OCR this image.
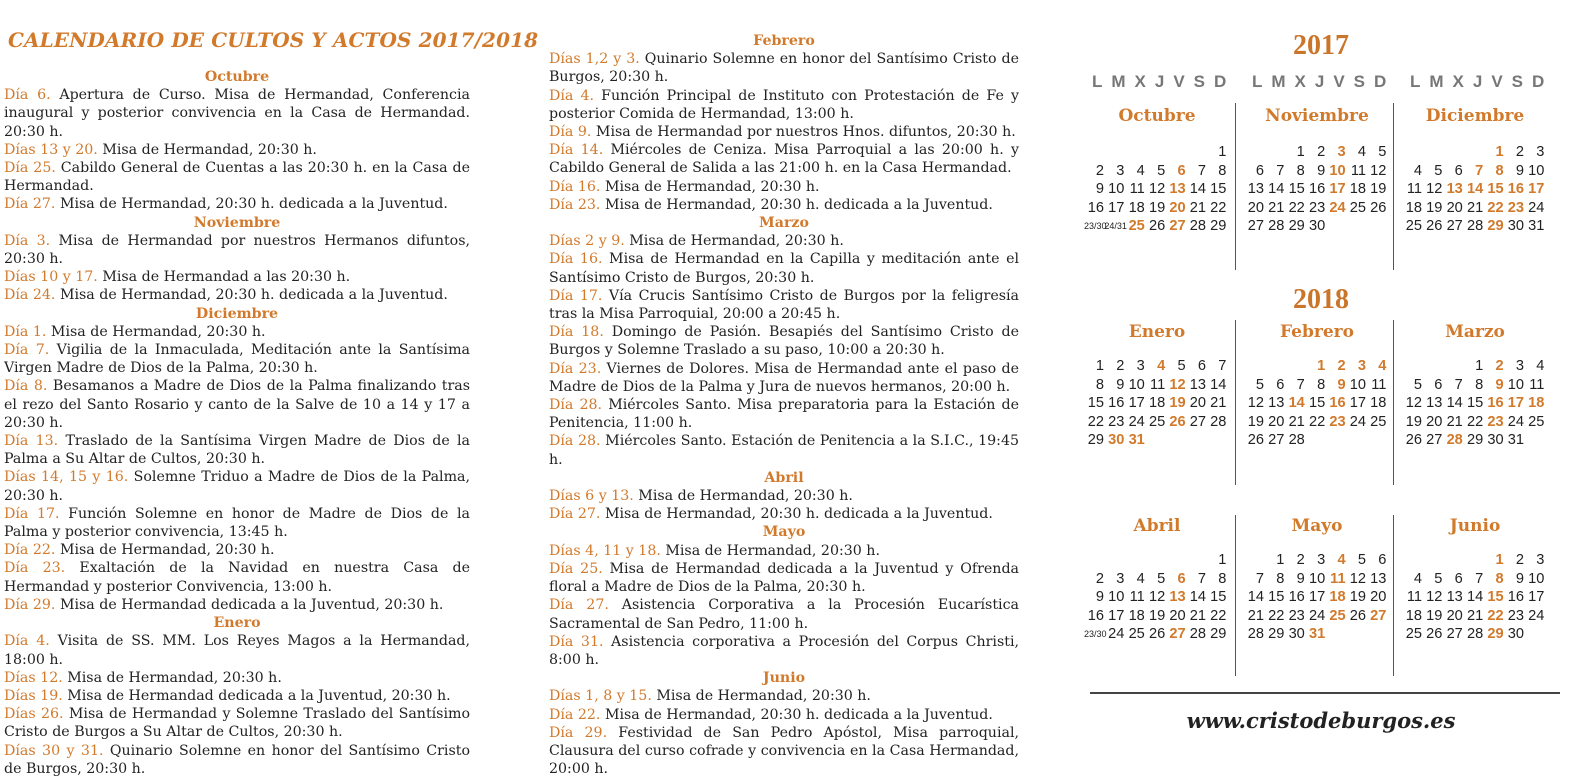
CALENDARIO DE CULTOS Y ACTOS 2017/2018
Octubre
Día 6. Apertura de Curso. Misa de Hermandad, Conferencia inaugural y posterior convivencia en la Casa de Hermandad. 20:30 h.
Días 13 y 20. Misa de Hermandad, 20:30 h.
Día 25. Cabildo General de Cuentas a las 20:30 h. en la Casa de Hermandad.
Día 27. Misa de Hermandad, 20:30 h. dedicada a la Juventud.
Noviembre
Día 3. Misa de Hermandad por nuestros Hermanos difuntos, 20:30 h.
Días 10 y 17. Misa de Hermandad a las 20:30 h.
Día 24. Misa de Hermandad, 20:30 h. dedicada a la Juventud.
Diciembre
Día 1. Misa de Hermandad, 20:30 h.
Día 7. Vigilia de la Inmaculada, Meditación ante la Santísima Virgen Madre de Dios de la Palma, 20:30 h.
Día 8. Besamanos a Madre de Dios de la Palma finalizando tras el rezo del Santo Rosario y canto de la Salve de 10 a 14 y 17 a 20:30 h.
Día 13. Traslado de la Santísima Virgen Madre de Dios de la Palma a Su Altar de Cultos, 20:30 h.
Días 14, 15 y 16. Solemne Triduo a Madre de Dios de la Palma, 20:30 h.
Día 17. Función Solemne en honor de Madre de Dios de la Palma y posterior convivencia, 13:45 h.
Día 22. Misa de Hermandad, 20:30 h.
Día 23. Exaltación de la Navidad en nuestra Casa de Hermandad y posterior Convivencia, 13:00 h.
Día 29. Misa de Hermandad dedicada a la Juventud, 20:30 h.
Enero
Día 4. Visita de SS. MM. Los Reyes Magos a la Hermandad, 18:00 h.
Días 12. Misa de Hermandad, 20:30 h.
Días 19. Misa de Hermandad dedicada a la Juventud, 20:30 h.
Días 26. Misa de Hermandad y Solemne Traslado del Santísimo Cristo de Burgos a Su Altar de Cultos, 20:30 h.
Días 30 y 31. Quinario Solemne en honor del Santísimo Cristo de Burgos, 20:30 h.
Febrero
Días 1,2 y 3. Quinario Solemne en honor del Santísimo Cristo de Burgos, 20:30 h.
Día 4. Función Principal de Instituto con Protestación de Fe y posterior Comida de Hermandad, 13:00 h.
Día 9. Misa de Hermandad por nuestros Hnos. difuntos, 20:30 h.
Día 14. Miércoles de Ceniza. Misa Parroquial a las 20:00 h. y Cabildo General de Salida a las 21:00 h. en la Casa Hermandad.
Día 16. Misa de Hermandad, 20:30 h.
Día 23. Misa de Hermandad, 20:30 h. dedicada a la Juventud.
Marzo
Días 2 y 9. Misa de Hermandad, 20:30 h.
Día 16. Misa de Hermandad en la Capilla y meditación ante el Santísimo Cristo de Burgos, 20:30 h.
Día 17. Vía Crucis Santísimo Cristo de Burgos por la feligresía tras la Misa Parroquial, 20:00 a 20:45 h.
Día 18. Domingo de Pasión. Besapiés del Santísimo Cristo de Burgos y Solemne Traslado a su paso, 10:00 a 20:30 h.
Día 23. Viernes de Dolores. Misa de Hermandad ante el paso de Madre de Dios de la Palma y Jura de nuevos hermanos, 20:00 h.
Día 28. Miércoles Santo. Misa preparatoria para la Estación de Penitencia, 11:00 h.
Día 28. Miércoles Santo. Estación de Penitencia a la S.I.C., 19:45 h.
Abril
Días 6 y 13. Misa de Hermandad, 20:30 h.
Día 27. Misa de Hermandad, 20:30 h. dedicada a la Juventud.
Mayo
Días 4, 11 y 18. Misa de Hermandad, 20:30 h.
Día 25. Misa de Hermandad dedicada a la Juventud y Ofrenda floral a Madre de Dios de la Palma, 20:30 h.
Día 27. Asistencia Corporativa a la Procesión Eucarística Sacramental de San Pedro, 11:00 h.
Día 31. Asistencia corporativa a Procesión del Corpus Christi, 8:00 h.
Junio
Días 1, 8 y 15. Misa de Hermandad, 20:30 h.
Día 22. Misa de Hermandad, 20:30 h. dedicada a la Juventud.
Día 29. Festividad de San Pedro Apóstol, Misa parroquial, Clausura del curso cofrade y convivencia en la Casa Hermandad, 20:00 h.
2017
2018
LMXJVSD LMXJVSD LMXJVSD
Octubre
1
2 3 4 5 6 7 8
9 10 11 12 13 14 15
16 17 18 19 20 21 22
23/30
24/31 25 26 27 28 29
Noviembre
1 2 3 4 5
6 7 8 9 10 11 12
13 14 15 16 17 18 19
20 21 22 23 24 25 26
27 28 29 30
Diciembre
1 2 3
4 5 6 7 8 9 10
11 12 13 14 15 16 17
18 19 20 21 22 23 24
25 26 27 28 29 30 31
Enero
1 2 3 4 5 6 7
8 9 10 11 12 13 14
15 16 17 18 19 20 21
22 23 24 25 26 27 28
29 30 31
Febrero
1 2 3 4
5 6 7 8 9 10 11
12 13 14 15 16 17 18
19 20 21 22 23 24 25
26 27 28
Marzo
1 2 3 4
5 6 7 8 9 10 11
12 13 14 15 16 17 18
19 20 21 22 23 24 25
26 27 28 29 30 31
Abril
1
2 3 4 5 6 7 8
9 10 11 12 13 14 15
16 17 18 19 20 21 22
23/30 24 25 26 27 28 29
Mayo
1 2 3 4 5 6
7 8 9 10 11 12 13
14 15 16 17 18 19 20
21 22 23 24 25 26 27
28 29 30 31
Junio
1 2 3
4 5 6 7 8 9 10
11 12 13 14 15 16 17
18 19 20 21 22 23 24
25 26 27 28 29 30
www.cristodeburgos.es
